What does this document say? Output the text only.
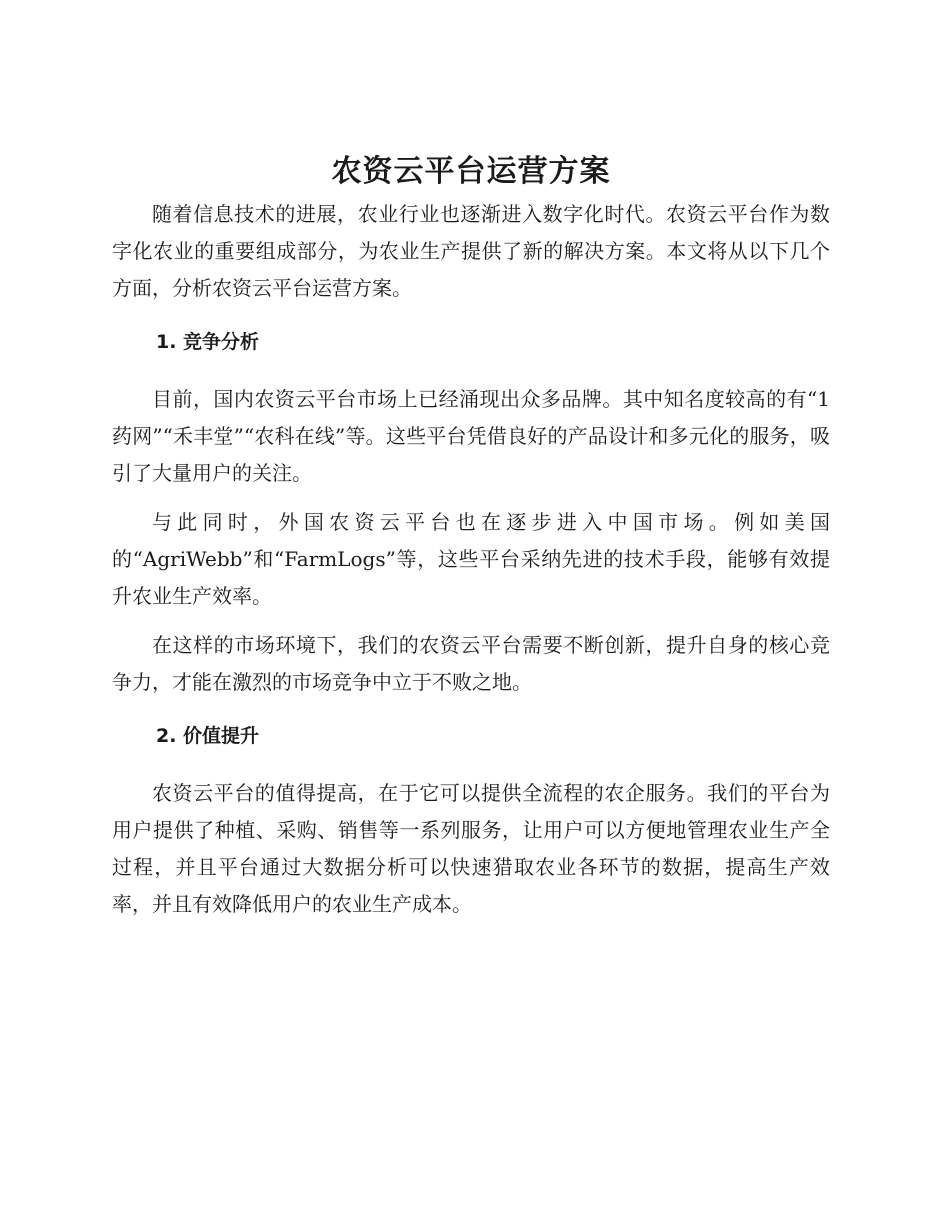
农资云平台运营方案

随着信息技术的进展，农业行业也逐渐进入数字化时代。农资云平台作为数字化农业的重要组成部分，为农业生产提供了新的解决方案。本文将从以下几个方面，分析农资云平台运营方案。

1. 竞争分析

目前，国内农资云平台市场上已经涌现出众多品牌。其中知名度较高的有“1药网”“禾丰堂”“农科在线”等。这些平台凭借良好的产品设计和多元化的服务，吸引了大量用户的关注。

与此同时，外国农资云平台也在逐步进入中国市场。例如美国的“AgriWebb”和“FarmLogs”等，这些平台采纳先进的技术手段，能够有效提升农业生产效率。

在这样的市场环境下，我们的农资云平台需要不断创新，提升自身的核心竞争力，才能在激烈的市场竞争中立于不败之地。

2. 价值提升

农资云平台的值得提高，在于它可以提供全流程的农企服务。我们的平台为用户提供了种植、采购、销售等一系列服务，让用户可以方便地管理农业生产全过程，并且平台通过大数据分析可以快速猎取农业各环节的数据，提高生产效率，并且有效降低用户的农业生产成本。
